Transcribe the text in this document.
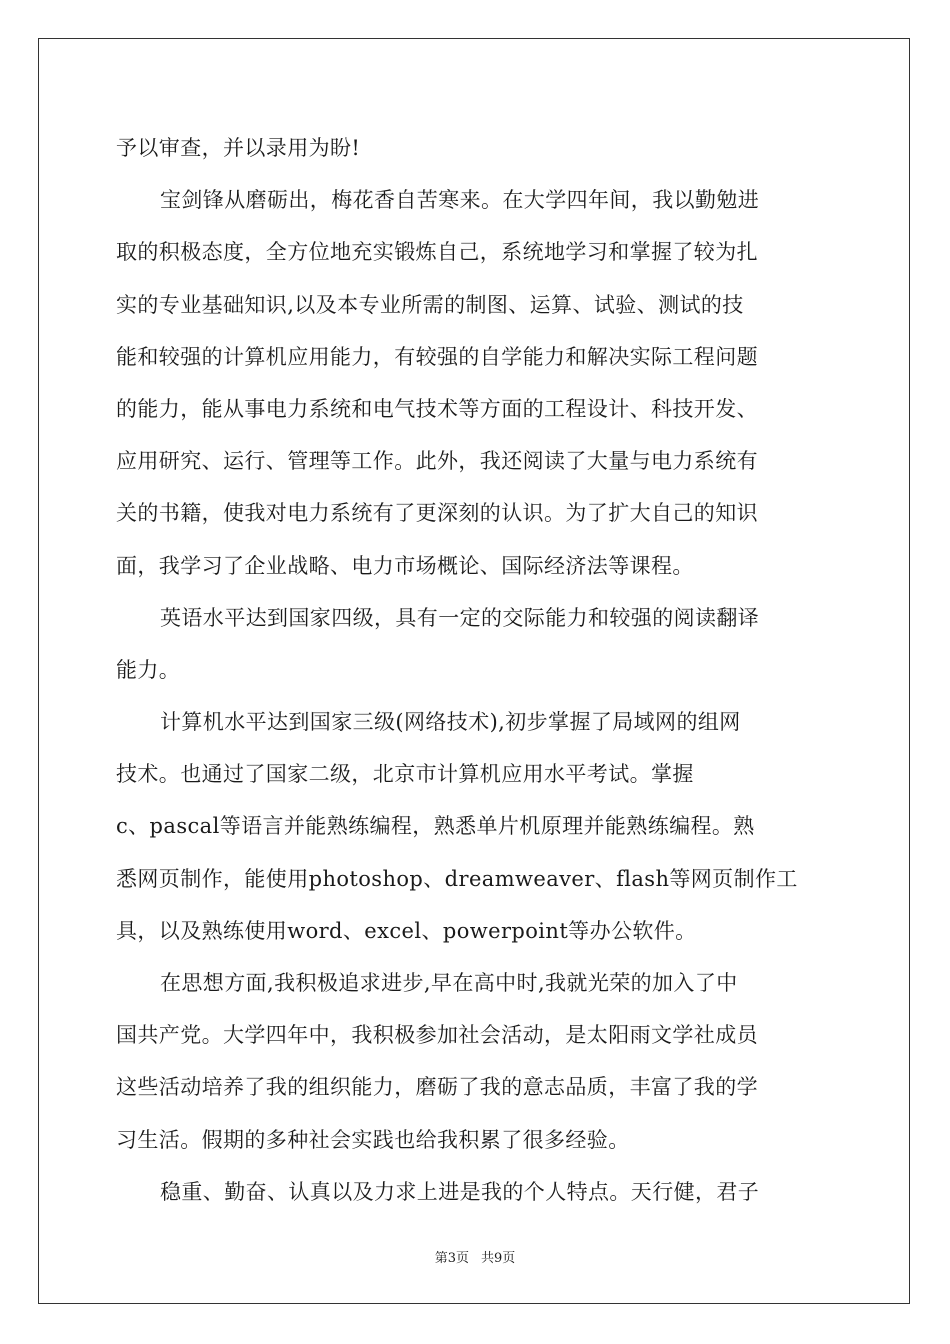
予以审查，并以录用为盼!
宝剑锋从磨砺出，梅花香自苦寒来。在大学四年间，我以勤勉进
取的积极态度，全方位地充实锻炼自己，系统地学习和掌握了较为扎
实的专业基础知识,以及本专业所需的制图、运算、试验、测试的技
能和较强的计算机应用能力，有较强的自学能力和解决实际工程问题
的能力，能从事电力系统和电气技术等方面的工程设计、科技开发、
应用研究、运行、管理等工作。此外，我还阅读了大量与电力系统有
关的书籍，使我对电力系统有了更深刻的认识。为了扩大自己的知识
面，我学习了企业战略、电力市场概论、国际经济法等课程。
英语水平达到国家四级，具有一定的交际能力和较强的阅读翻译
能力。
计算机水平达到国家三级(网络技术),初步掌握了局域网的组网
技术。也通过了国家二级，北京市计算机应用水平考试。掌握
c、pascal等语言并能熟练编程，熟悉单片机原理并能熟练编程。熟
悉网页制作，能使用photoshop、dreamweaver、flash等网页制作工
具，以及熟练使用word、excel、powerpoint等办公软件。
在思想方面,我积极追求进步,早在高中时,我就光荣的加入了中
国共产党。大学四年中，我积极参加社会活动，是太阳雨文学社成员
这些活动培养了我的组织能力，磨砺了我的意志品质，丰富了我的学
习生活。假期的多种社会实践也给我积累了很多经验。
稳重、勤奋、认真以及力求上进是我的个人特点。天行健，君子
第3页 共9页
